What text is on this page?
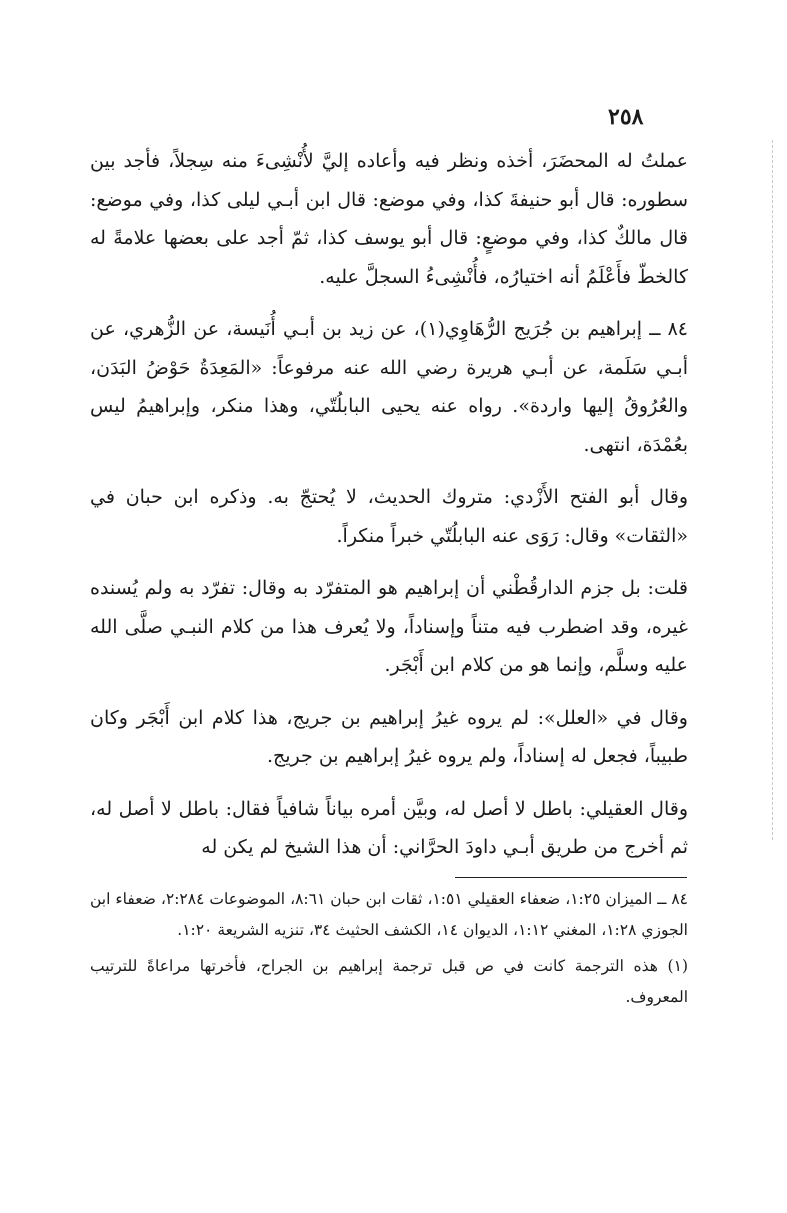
٢٥٨

عملتُ له المحضَرَ، أخذه ونظر فيه وأعاده إليَّ لأُنْشِىءَ منه سِجلاً، فأجد بين سطوره: قال أبو حنيفةَ كذا، وفي موضع: قال ابن أبـي ليلى كذا، وفي موضع: قال مالكٌ كذا، وفي موضعٍ: قال أبو يوسف كذا، ثمّ أجد على بعضها علامةً له كالخطّ فأَعْلَمُ أنه اختيارُه، فأُنْشِىءُ السجلَّ عليه.

٨٤ ــ إبراهيم بن جُرَيج الرُّهَاوِي(١)، عن زيد بن أبـي أُنَيسة، عن الزُّهري، عن أبـي سَلَمة، عن أبـي هريرة رضي الله عنه مرفوعاً: «المَعِدَةُ حَوْضُ البَدَن، والعُرُوقُ إليها واردة». رواه عنه يحيى البابلُتّي، وهذا منكر، وإبراهيمُ ليس بعُمْدَة، انتهى.

وقال أبو الفتح الأَزْدي: متروك الحديث، لا يُحتجّ به. وذكره ابن حبان في «الثقات» وقال: رَوَى عنه البابلُتّي خبراً منكراً.

قلت: بل جزم الدارقُطْني أن إبراهيم هو المتفرّد به وقال: تفرّد به ولم يُسنده غيره، وقد اضطرب فيه متناً وإسناداً، ولا يُعرف هذا من كلام النبـي صلَّى الله عليه وسلَّم، وإنما هو من كلام ابن أَبْجَر.

وقال في «العلل»: لم يروه غيرُ إبراهيم بن جريج، هذا كلام ابن أَبْجَر وكان طبيباً، فجعل له إسناداً، ولم يروه غيرُ إبراهيم بن جريج.

وقال العقيلي: باطل لا أصل له، وبيَّن أمره بياناً شافياً فقال: باطل لا أصل له، ثم أخرج من طريق أبـي داودَ الحرَّاني: أن هذا الشيخ لم يكن له

٨٤ ــ الميزان ١:٢٥، ضعفاء العقيلي ١:٥١، ثقات ابن حبان ٨:٦١، الموضوعات ٢:٢٨٤، ضعفاء ابن الجوزي ١:٢٨، المغني ١:١٢، الديوان ١٤، الكشف الحثيث ٣٤، تنزيه الشريعة ١:٢٠.

(١) هذه الترجمة كانت في ص قبل ترجمة إبراهيم بن الجراح، فأخرتها مراعاةً للترتيب المعروف.
